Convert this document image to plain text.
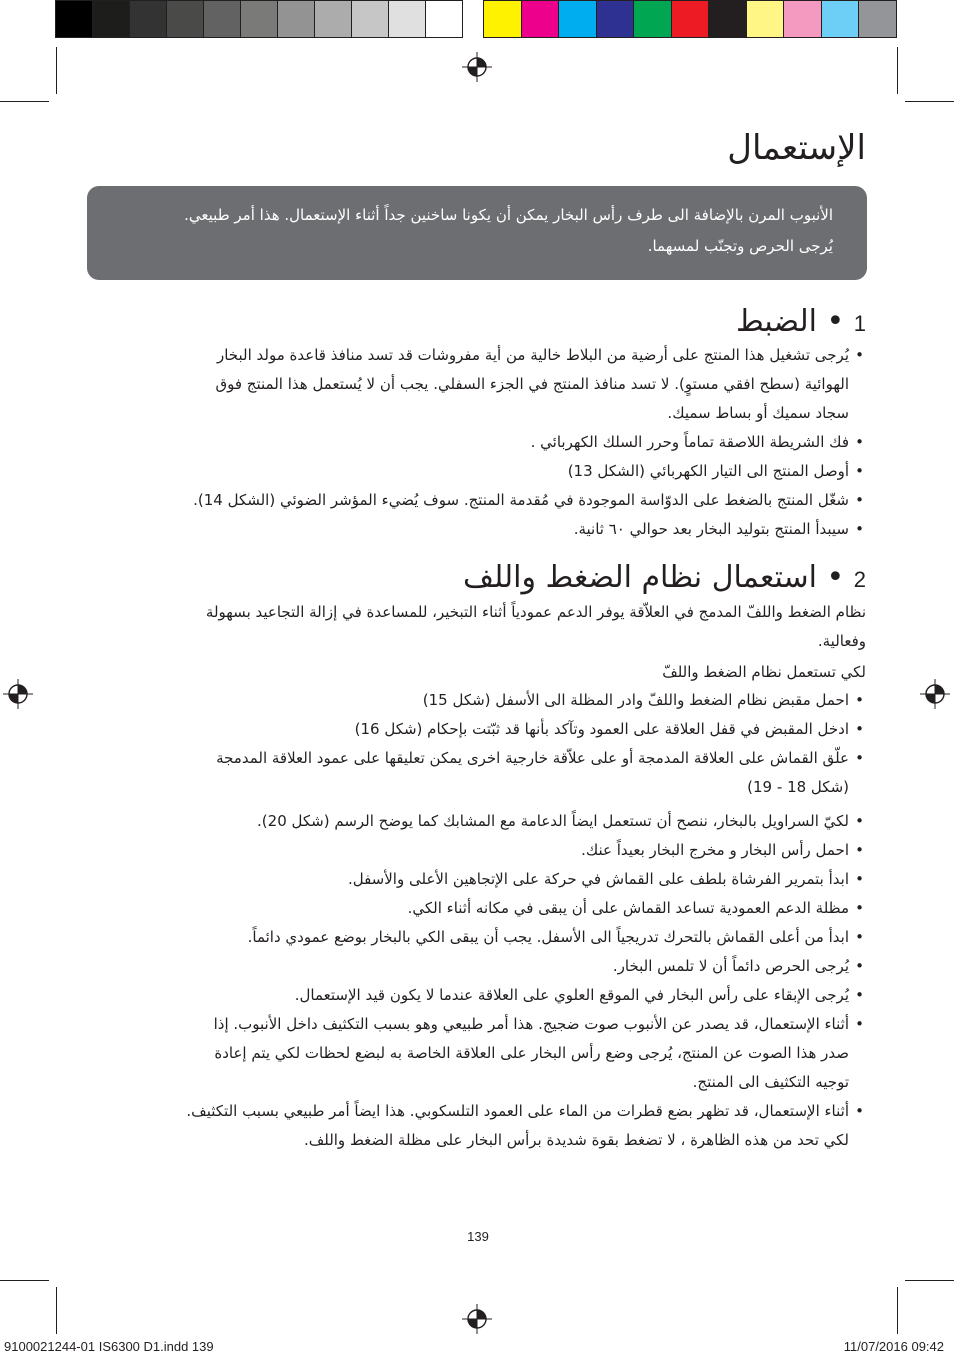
الإستعمال

الأنبوب المرن بالإضافة الى طرف رأس البخار يمكن أن يكونا ساخنين جداً أثناء الإستعمال. هذا أمر طبيعي.

يُرجى الحرص وتجنّب لمسهما.

1 • الضبط
• يُرجى تشغيل هذا المنتج على أرضية من البلاط خالية من أية مفروشات قد تسد منافذ قاعدة مولد البخار
الهوائية (سطح افقي مستوٍ). لا تسد منافذ المنتج في الجزء السفلي. يجب أن لا يُستعمل هذا المنتج فوق
سجاد سميك أو بساط سميك.
• فك الشريطة اللاصقة تماماً وحرر السلك الكهربائي .
• أوصل المنتج الى التيار الكهربائي (الشكل 13)
• شغّل المنتج بالضغط على الدوّاسة الموجودة في مُقدمة المنتج. سوف يُضيء المؤشر الضوئي (الشكل 14).
• سيبدأ المنتج بتوليد البخار بعد حوالي ٦٠ ثانية.
2 • استعمال نظام الضغط واللف

نظام الضغط واللفّ المدمج في العلاّقة يوفر الدعم عمودياً أثناء التبخير، للمساعدة في إزالة التجاعيد بسهولة

وفعالية.

لكي تستعمل نظام الضغط واللفّ

• احمل مقبض نظام الضغط واللفّ وادر المظلة الى الأسفل (شكل 15)
• ادخل المقبض في قفل العلاقة على العمود وتآكد بأنها قد ثبّتت بإحكام (شكل 16)
• علّق القماش على العلاقة المدمجة أو على علاّقة خارجية اخرى يمكن تعليقها على عمود العلاقة المدمجة
(شكل 18 - 19)
• لكيّ السراويل بالبخار، ننصح أن تستعمل ايضاً الدعامة مع المشابك كما يوضح الرسم (شكل 20).
• احمل رأس البخار و مخرج البخار بعيداً عنك.
• ابدأ بتمرير الفرشاة بلطف على القماش في حركة على الإتجاهين الأعلى والأسفل.
• مظلة الدعم العمودية تساعد القماش على أن يبقى في مكانه أثناء الكي.
• ابدأ من أعلى القماش بالتحرك تدريجياً الى الأسفل. يجب أن يبقى الكي بالبخار بوضع عمودي دائماً.
• يُرجى الحرص دائماً أن لا تلمس البخار.
• يُرجى الإبقاء على رأس البخار في الموقع العلوي على العلاقة عندما لا يكون قيد الإستعمال.
• أثناء الإستعمال، قد يصدر عن الأنبوب صوت ضجيج. هذا أمر طبيعي وهو بسبب التكثيف داخل الأنبوب. إذا
صدر هذا الصوت عن المنتج، يُرجى وضع رأس البخار على العلاقة الخاصة به لبضع لحظات لكي يتم إعادة
توجيه التكثيف الى المنتج.
• أثناء الإستعمال، قد تظهر بضع قطرات من الماء على العمود التلسكوبي. هذا ايضاً أمر طبيعي بسبب التكثيف.
لكي تحد من هذه الظاهرة ، لا تضغط بقوة شديدة برأس البخار على مظلة الضغط واللف.
139
9100021244-01 IS6300 D1.indd 139	11/07/2016 09:42
